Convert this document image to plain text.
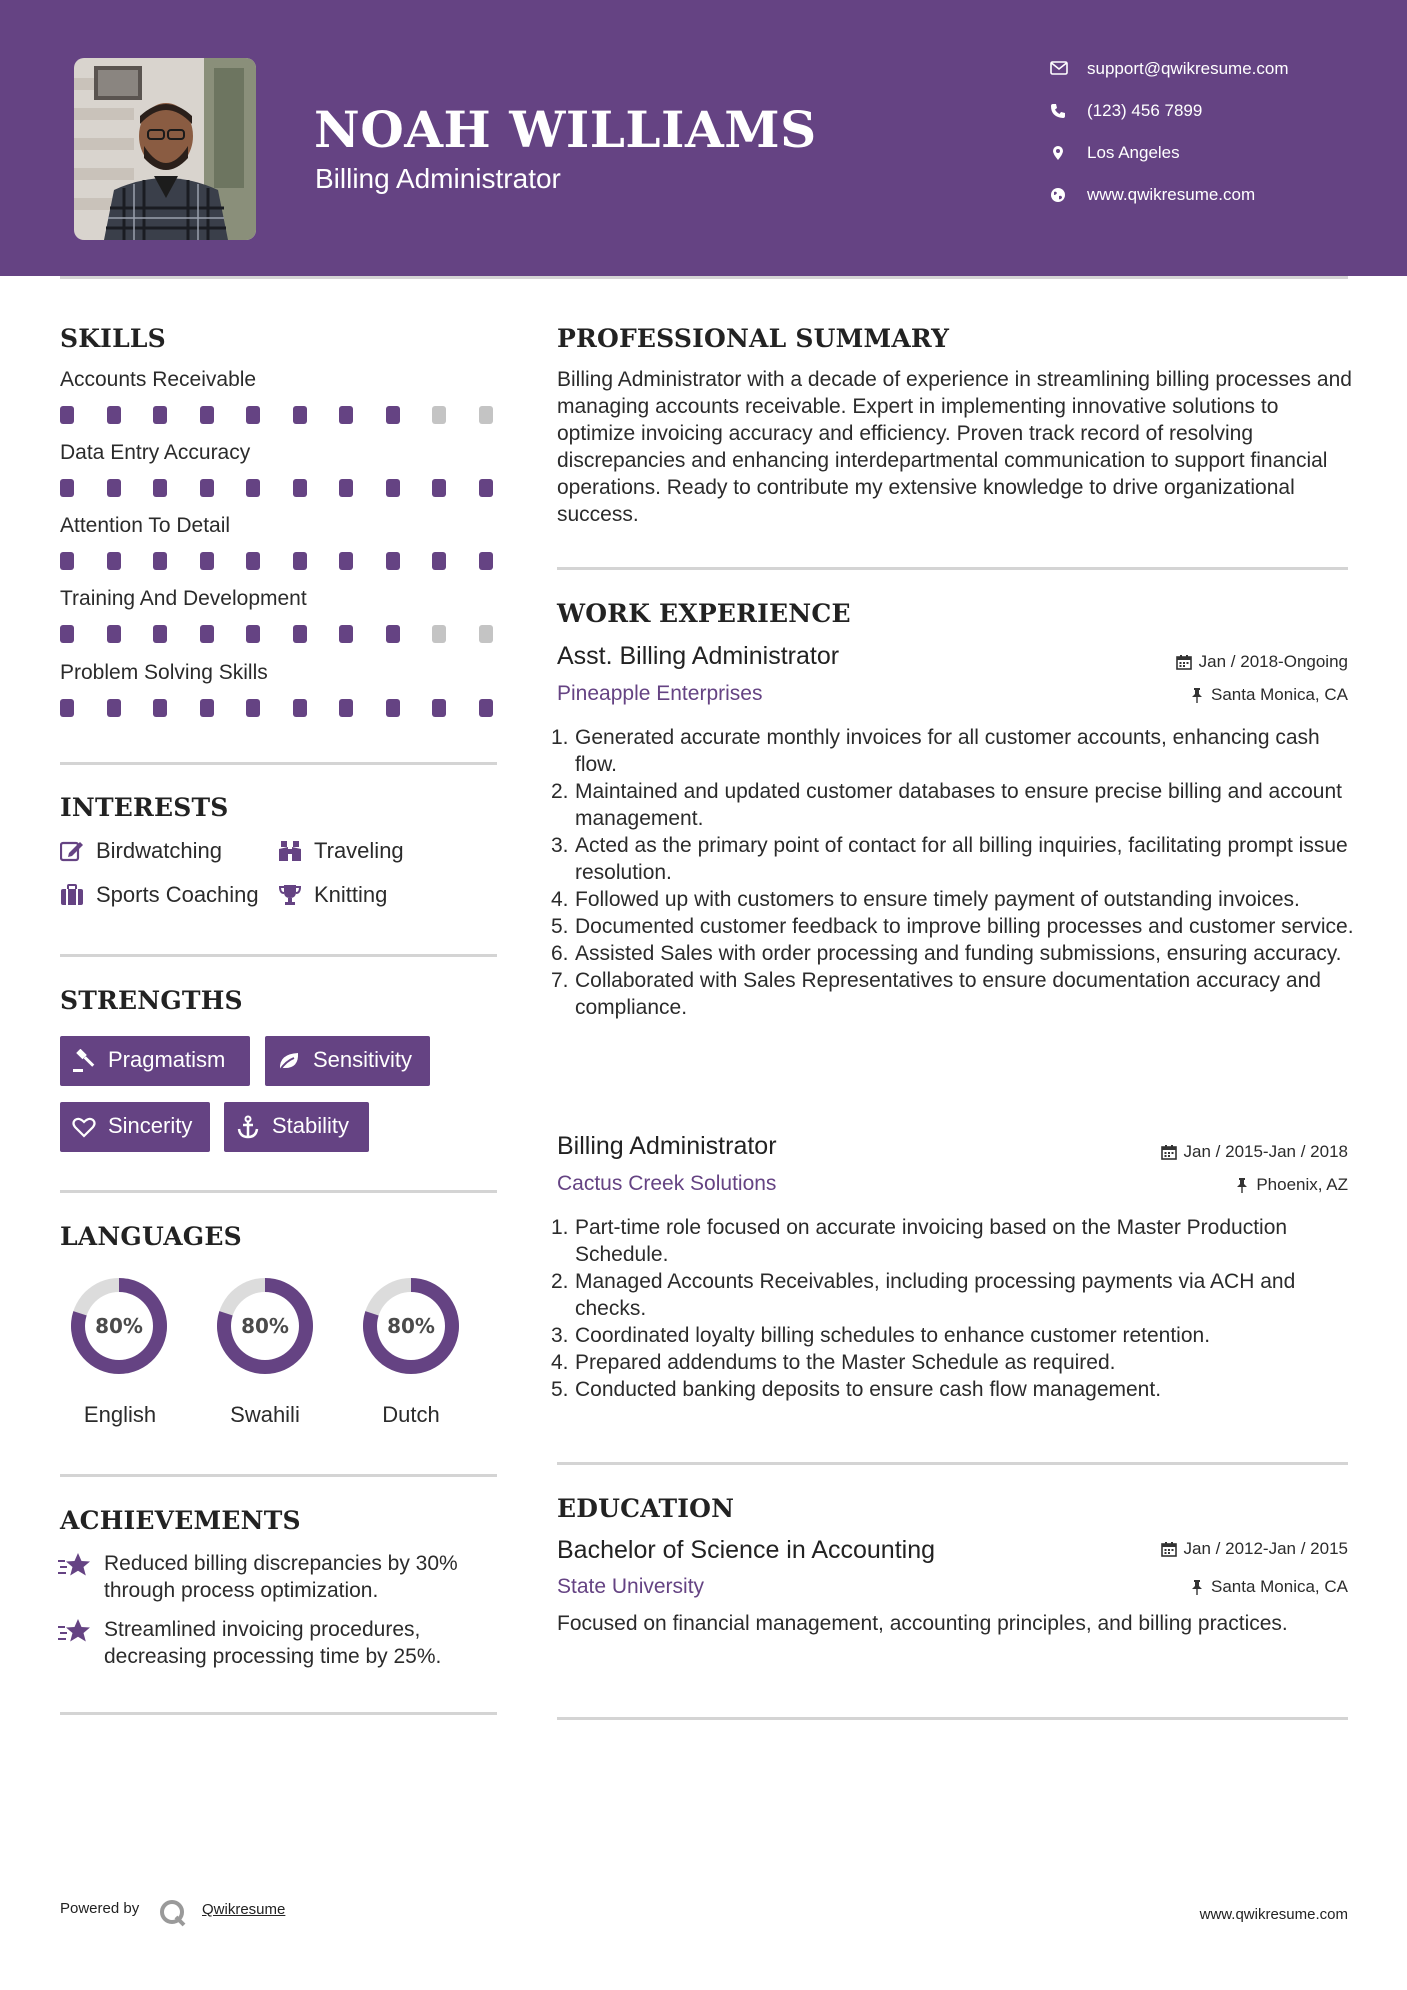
NOAH WILLIAMS
Billing Administrator
support@qwikresume.com
(123) 456 7899
Los Angeles
www.qwikresume.com
SKILLS
Accounts Receivable
Data Entry Accuracy
Attention To Detail
Training And Development
Problem Solving Skills
INTERESTS
Birdwatching	Traveling
Sports Coaching	Knitting
STRENGTHS
Pragmatism	Sensitivity
Sincerity	Stability
LANGUAGES
80%	80%	80%
English	Swahili	Dutch
ACHIEVEMENTS
Reduced billing discrepancies by 30% through process optimization.
Streamlined invoicing procedures, decreasing processing time by 25%.
PROFESSIONAL SUMMARY
Billing Administrator with a decade of experience in streamlining billing processes and managing accounts receivable. Expert in implementing innovative solutions to optimize invoicing accuracy and efficiency. Proven track record of resolving discrepancies and enhancing interdepartmental communication to support financial operations. Ready to contribute my extensive knowledge to drive organizational success.
WORK EXPERIENCE
Asst. Billing Administrator	Jan / 2018-Ongoing
Pineapple Enterprises	Santa Monica, CA
1. Generated accurate monthly invoices for all customer accounts, enhancing cash flow.
2. Maintained and updated customer databases to ensure precise billing and account management.
3. Acted as the primary point of contact for all billing inquiries, facilitating prompt issue resolution.
4. Followed up with customers to ensure timely payment of outstanding invoices.
5. Documented customer feedback to improve billing processes and customer service.
6. Assisted Sales with order processing and funding submissions, ensuring accuracy.
7. Collaborated with Sales Representatives to ensure documentation accuracy and compliance.
Billing Administrator	Jan / 2015-Jan / 2018
Cactus Creek Solutions	Phoenix, AZ
1. Part-time role focused on accurate invoicing based on the Master Production Schedule.
2. Managed Accounts Receivables, including processing payments via ACH and checks.
3. Coordinated loyalty billing schedules to enhance customer retention.
4. Prepared addendums to the Master Schedule as required.
5. Conducted banking deposits to ensure cash flow management.
EDUCATION
Bachelor of Science in Accounting	Jan / 2012-Jan / 2015
State University	Santa Monica, CA
Focused on financial management, accounting principles, and billing practices.
Powered by	Qwikresume	www.qwikresume.com
